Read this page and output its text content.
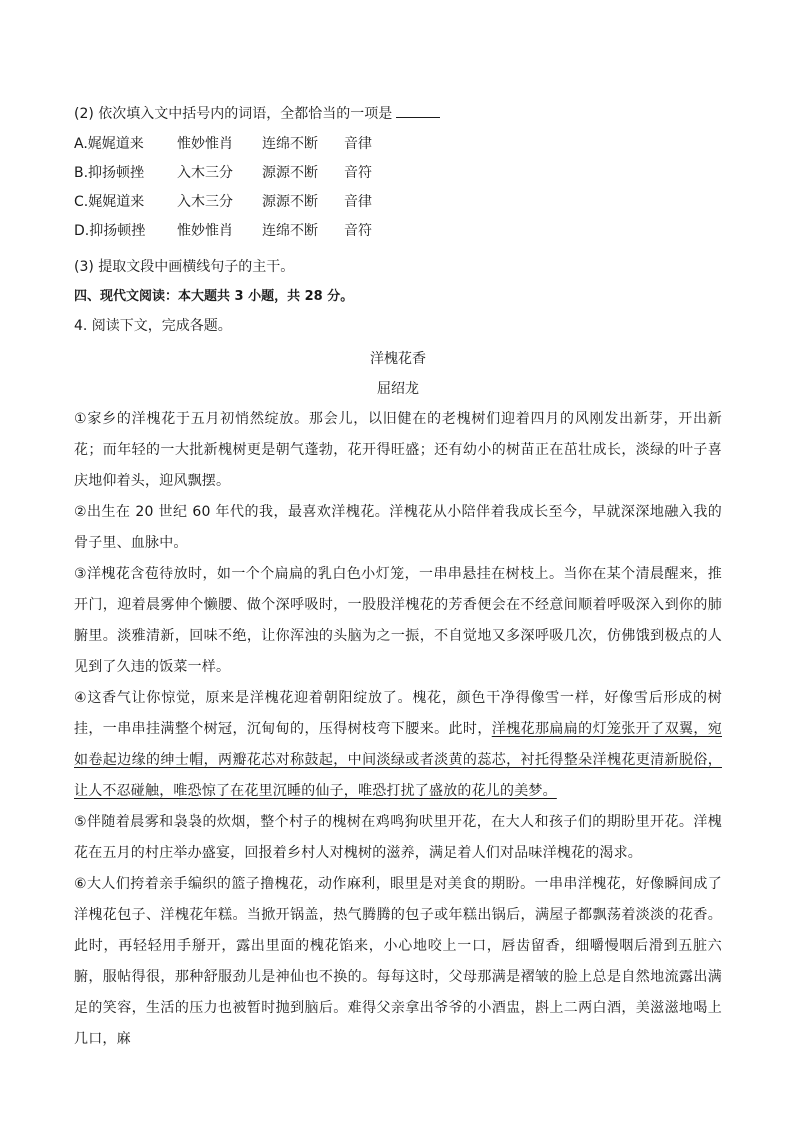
(2) 依次填入文中括号内的词语，全都恰当的一项是

A.娓娓道来	惟妙惟肖	连绵不断	音律
B.抑扬顿挫	入木三分	源源不断	音符
C.娓娓道来	入木三分	源源不断	音律
D.抑扬顿挫	惟妙惟肖	连绵不断	音符

(3) 提取文段中画横线句子的主干。

四、现代文阅读：本大题共 3 小题，共 28 分。

4. 阅读下文，完成各题。

洋槐花香

屈绍龙

①家乡的洋槐花于五月初悄然绽放。那会儿，以旧健在的老槐树们迎着四月的风刚发出新芽，开出新花；而年轻的一大批新槐树更是朝气蓬勃，花开得旺盛；还有幼小的树苗正在茁壮成长，淡绿的叶子喜庆地仰着头，迎风飘摆。

②出生在 20 世纪 60 年代的我，最喜欢洋槐花。洋槐花从小陪伴着我成长至今，早就深深地融入我的骨子里、血脉中。

③洋槐花含苞待放时，如一个个扁扁的乳白色小灯笼，一串串悬挂在树枝上。当你在某个清晨醒来，推开门，迎着晨雾伸个懒腰、做个深呼吸时，一股股洋槐花的芳香便会在不经意间顺着呼吸深入到你的肺腑里。淡雅清新，回味不绝，让你浑浊的头脑为之一振，不自觉地又多深呼吸几次，仿佛饿到极点的人见到了久违的饭菜一样。

④这香气让你惊觉，原来是洋槐花迎着朝阳绽放了。槐花，颜色干净得像雪一样，好像雪后形成的树挂，一串串挂满整个树冠，沉甸甸的，压得树枝弯下腰来。此时，洋槐花那扁扁的灯笼张开了双翼，宛如卷起边缘的绅士帽，两瓣花芯对称鼓起，中间淡绿或者淡黄的蕊芯，衬托得整朵洋槐花更清新脱俗，让人不忍碰触，唯恐惊了在花里沉睡的仙子，唯恐打扰了盛放的花儿的美梦。

⑤伴随着晨雾和袅袅的炊烟，整个村子的槐树在鸡鸣狗吠里开花，在大人和孩子们的期盼里开花。洋槐花在五月的村庄举办盛宴，回报着乡村人对槐树的滋养，满足着人们对品味洋槐花的渴求。

⑥大人们挎着亲手编织的篮子撸槐花，动作麻利，眼里是对美食的期盼。一串串洋槐花，好像瞬间成了洋槐花包子、洋槐花年糕。当掀开锅盖，热气腾腾的包子或年糕出锅后，满屋子都飘荡着淡淡的花香。此时，再轻轻用手掰开，露出里面的槐花馅来，小心地咬上一口，唇齿留香，细嚼慢咽后滑到五脏六腑，服帖得很，那种舒服劲儿是神仙也不换的。每每这时，父母那满是褶皱的脸上总是自然地流露出满足的笑容，生活的压力也被暂时抛到脑后。难得父亲拿出爷爷的小酒盅，斟上二两白酒，美滋滋地喝上几口，麻
